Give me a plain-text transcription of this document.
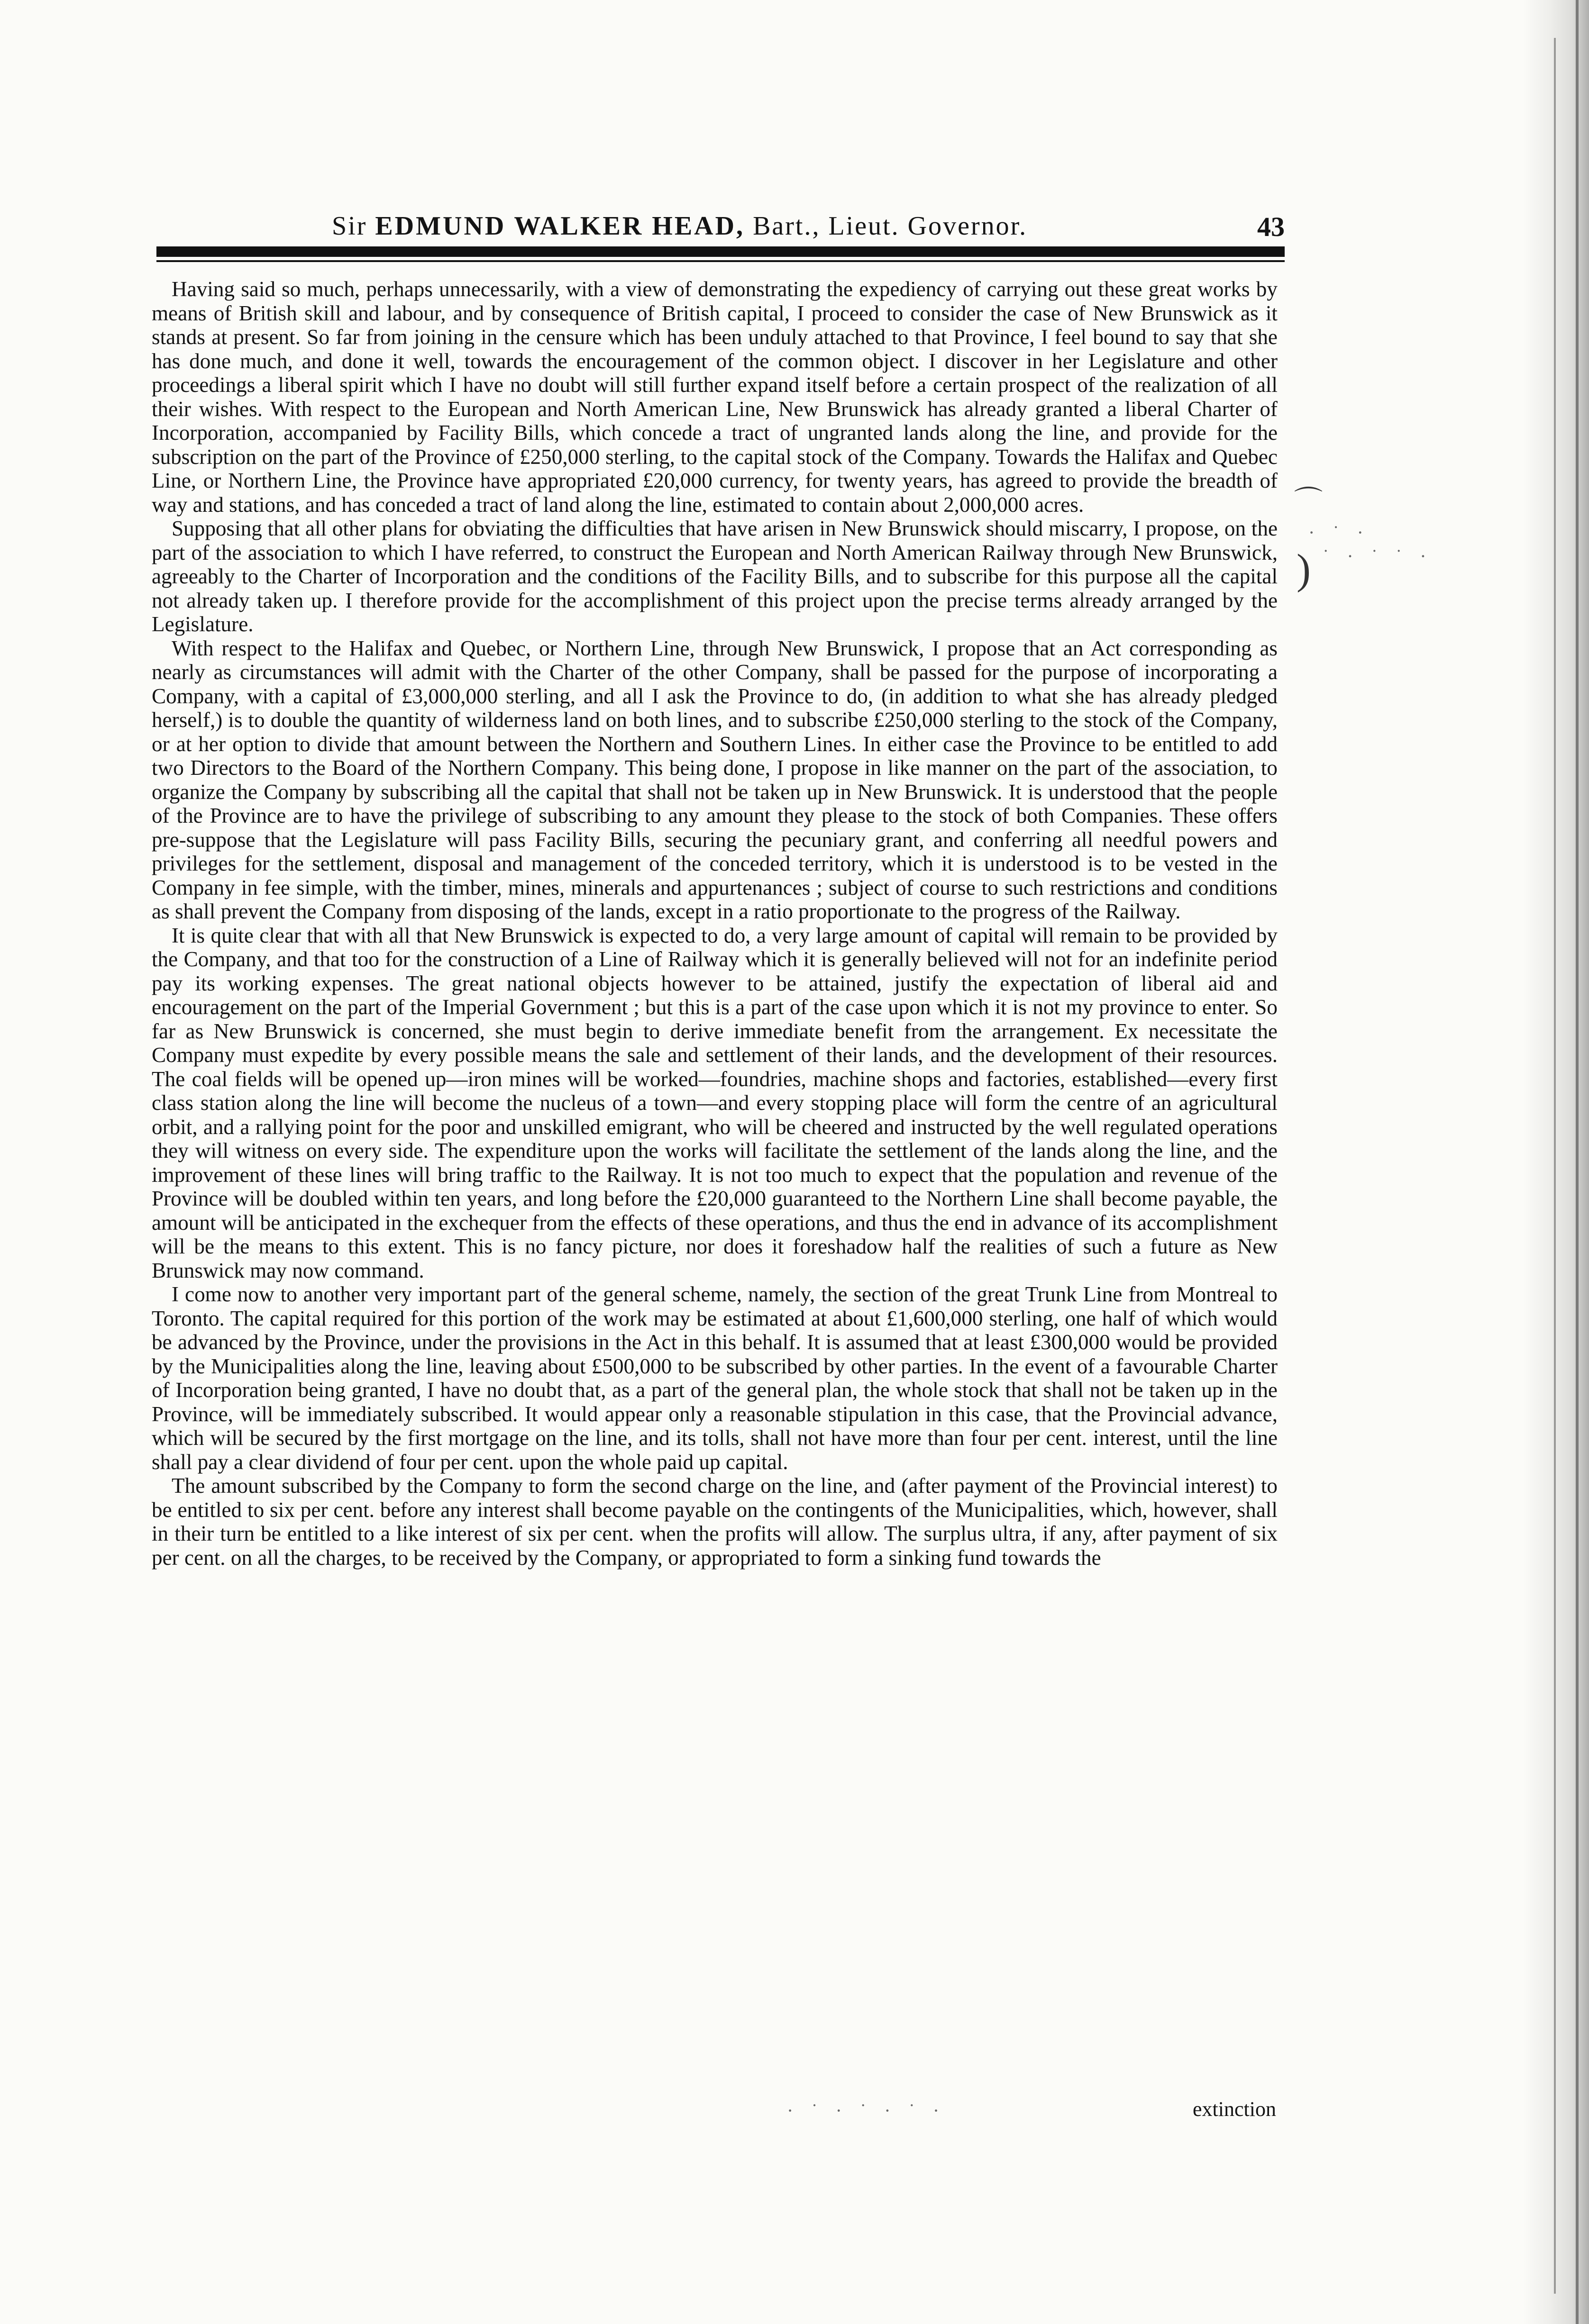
Sir EDMUND WALKER HEAD, Bart., Lieut. Governor.	43

Having said so much, perhaps unnecessarily, with a view of demonstrating the expediency of carrying out these great works by means of British skill and labour, and by consequence of British capital, I proceed to consider the case of New Brunswick as it stands at present. So far from joining in the censure which has been unduly attached to that Province, I feel bound to say that she has done much, and done it well, towards the encouragement of the common object. I discover in her Legislature and other proceedings a liberal spirit which I have no doubt will still further expand itself before a certain prospect of the realization of all their wishes. With respect to the European and North American Line, New Brunswick has already granted a liberal Charter of Incorporation, accompanied by Facility Bills, which concede a tract of ungranted lands along the line, and provide for the subscription on the part of the Province of £250,000 sterling, to the capital stock of the Company. Towards the Halifax and Quebec Line, or Northern Line, the Province have appropriated £20,000 currency, for twenty years, has agreed to provide the breadth of way and stations, and has conceded a tract of land along the line, estimated to contain about 2,000,000 acres.

Supposing that all other plans for obviating the difficulties that have arisen in New Brunswick should miscarry, I propose, on the part of the association to which I have referred, to construct the European and North American Railway through New Brunswick, agreeably to the Charter of Incorporation and the conditions of the Facility Bills, and to subscribe for this purpose all the capital not already taken up. I therefore provide for the accomplishment of this project upon the precise terms already arranged by the Legislature.

With respect to the Halifax and Quebec, or Northern Line, through New Brunswick, I propose that an Act corresponding as nearly as circumstances will admit with the Charter of the other Company, shall be passed for the purpose of incorporating a Company, with a capital of £3,000,000 sterling, and all I ask the Province to do, (in addition to what she has already pledged herself,) is to double the quantity of wilderness land on both lines, and to subscribe £250,000 sterling to the stock of the Company, or at her option to divide that amount between the Northern and Southern Lines. In either case the Province to be entitled to add two Directors to the Board of the Northern Company. This being done, I propose in like manner on the part of the association, to organize the Company by subscribing all the capital that shall not be taken up in New Brunswick. It is understood that the people of the Province are to have the privilege of subscribing to any amount they please to the stock of both Companies. These offers pre-suppose that the Legislature will pass Facility Bills, securing the pecuniary grant, and conferring all needful powers and privileges for the settlement, disposal and management of the conceded territory, which it is understood is to be vested in the Company in fee simple, with the timber, mines, minerals and appurtenances ; subject of course to such restrictions and conditions as shall prevent the Company from disposing of the lands, except in a ratio proportionate to the progress of the Railway.

It is quite clear that with all that New Brunswick is expected to do, a very large amount of capital will remain to be provided by the Company, and that too for the construction of a Line of Railway which it is generally believed will not for an indefinite period pay its working expenses. The great national objects however to be attained, justify the expectation of liberal aid and encouragement on the part of the Imperial Government ; but this is a part of the case upon which it is not my province to enter. So far as New Brunswick is concerned, she must begin to derive immediate benefit from the arrangement. Ex necessitate the Company must expedite by every possible means the sale and settlement of their lands, and the development of their resources. The coal fields will be opened up—iron mines will be worked—foundries, machine shops and factories, established—every first class station along the line will become the nucleus of a town—and every stopping place will form the centre of an agricultural orbit, and a rallying point for the poor and unskilled emigrant, who will be cheered and instructed by the well regulated operations they will witness on every side. The expenditure upon the works will facilitate the settlement of the lands along the line, and the improvement of these lines will bring traffic to the Railway. It is not too much to expect that the population and revenue of the Province will be doubled within ten years, and long before the £20,000 guaranteed to the Northern Line shall become payable, the amount will be anticipated in the exchequer from the effects of these operations, and thus the end in advance of its accomplishment will be the means to this extent. This is no fancy picture, nor does it foreshadow half the realities of such a future as New Brunswick may now command.

I come now to another very important part of the general scheme, namely, the section of the great Trunk Line from Montreal to Toronto. The capital required for this portion of the work may be estimated at about £1,600,000 sterling, one half of which would be advanced by the Province, under the provisions in the Act in this behalf. It is assumed that at least £300,000 would be provided by the Municipalities along the line, leaving about £500,000 to be subscribed by other parties. In the event of a favourable Charter of Incorporation being granted, I have no doubt that, as a part of the general plan, the whole stock that shall not be taken up in the Province, will be immediately subscribed. It would appear only a reasonable stipulation in this case, that the Provincial advance, which will be secured by the first mortgage on the line, and its tolls, shall not have more than four per cent. interest, until the line shall pay a clear dividend of four per cent. upon the whole paid up capital.

The amount subscribed by the Company to form the second charge on the line, and (after payment of the Provincial interest) to be entitled to six per cent. before any interest shall become payable on the contingents of the Municipalities, which, however, shall in their turn be entitled to a like interest of six per cent. when the profits will allow. The surplus ultra, if any, after payment of six per cent. on all the charges, to be received by the Company, or appropriated to form a sinking fund towards the

extinction
⌒
)
· ˙ ·
˙ · ˙ ˙ ·
· ˙ · ˙ · ˙ ·
